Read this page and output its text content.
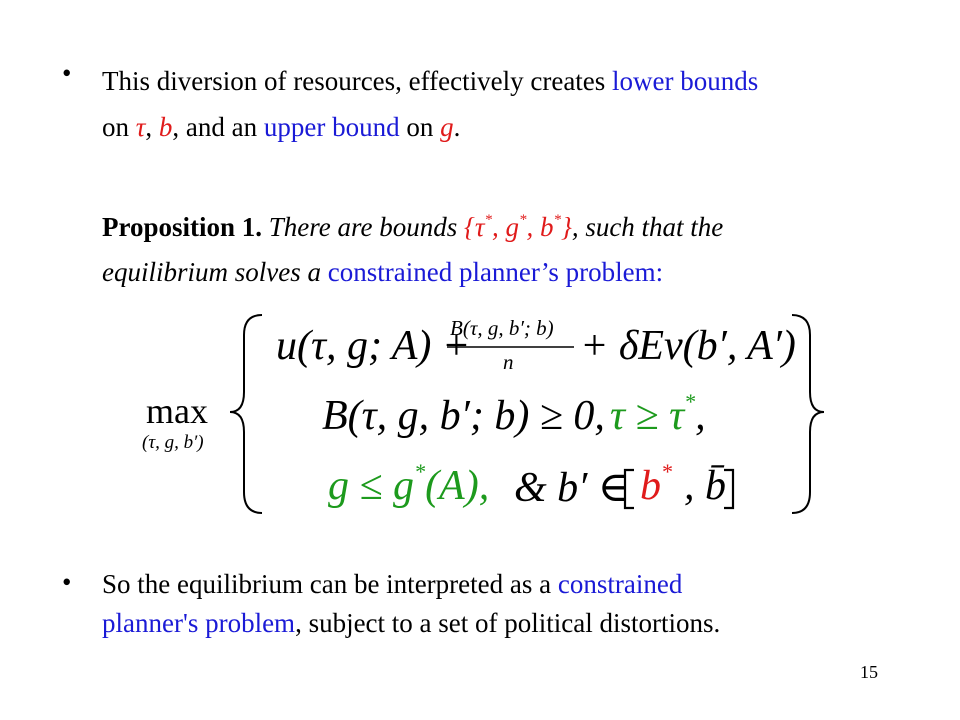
• This diversion of resources, effectively creates lower bounds
on τ, b, and an upper bound on g.
Proposition 1. There are bounds {τ*, g*, b*}, such that the
equilibrium solves a constrained planner’s problem:
max
(τ, g, b′)
u(τ, g; A) +
B(τ, g, b′; b)
n + δEv(b′, A′)
B(τ, g, b′; b) ≥ 0, τ ≥ τ*,
g ≤ g*(A), & b′ ∈ b* , b̄
• So the equilibrium can be interpreted as a constrained
planner's problem, subject to a set of political distortions.
15
